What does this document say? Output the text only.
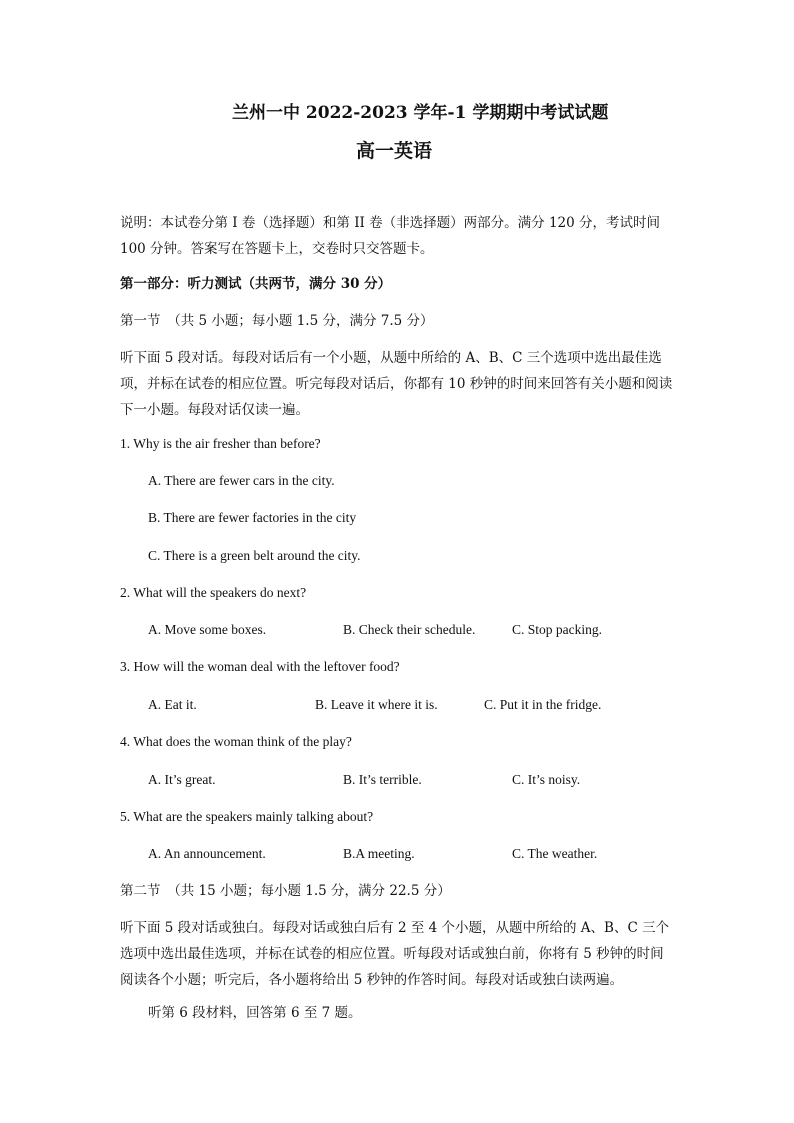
兰州一中 2022-2023 学年-1 学期期中考试试题
高一英语
说明：本试卷分第 I 卷（选择题）和第 II 卷（非选择题）两部分。满分 120 分，考试时间 100 分钟。答案写在答题卡上，交卷时只交答题卡。
第一部分：听力测试（共两节，满分 30 分）
第一节　（共 5 小题；每小题 1.5 分，满分 7.5 分）
听下面 5 段对话。每段对话后有一个小题，从题中所给的 A、B、C 三个选项中选出最佳选项，并标在试卷的相应位置。听完每段对话后，你都有 10 秒钟的时间来回答有关小题和阅读下一小题。每段对话仅读一遍。
1. Why is the air fresher than before?
A. There are fewer cars in the city.
B. There are fewer factories in the city
C. There is a green belt around the city.
2. What will the speakers do next?
A. Move some boxes.	B. Check their schedule.	C. Stop packing.
3. How will the woman deal with the leftover food?
A. Eat it.	B. Leave it where it is.	C. Put it in the fridge.
4. What does the woman think of the play?
A. It’s great.	B. It’s terrible.	C. It’s noisy.
5. What are the speakers mainly talking about?
A. An announcement.	B.A meeting.	C. The weather.
第二节　（共 15 小题；每小题 1.5 分，满分 22.5 分）
听下面 5 段对话或独白。每段对话或独白后有 2 至 4 个小题，从题中所给的 A、B、C 三个选项中选出最佳选项，并标在试卷的相应位置。听每段对话或独白前，你将有 5 秒钟的时间阅读各个小题；听完后，各小题将给出 5 秒钟的作答时间。每段对话或独白读两遍。
听第 6 段材料，回答第 6 至 7 题。
